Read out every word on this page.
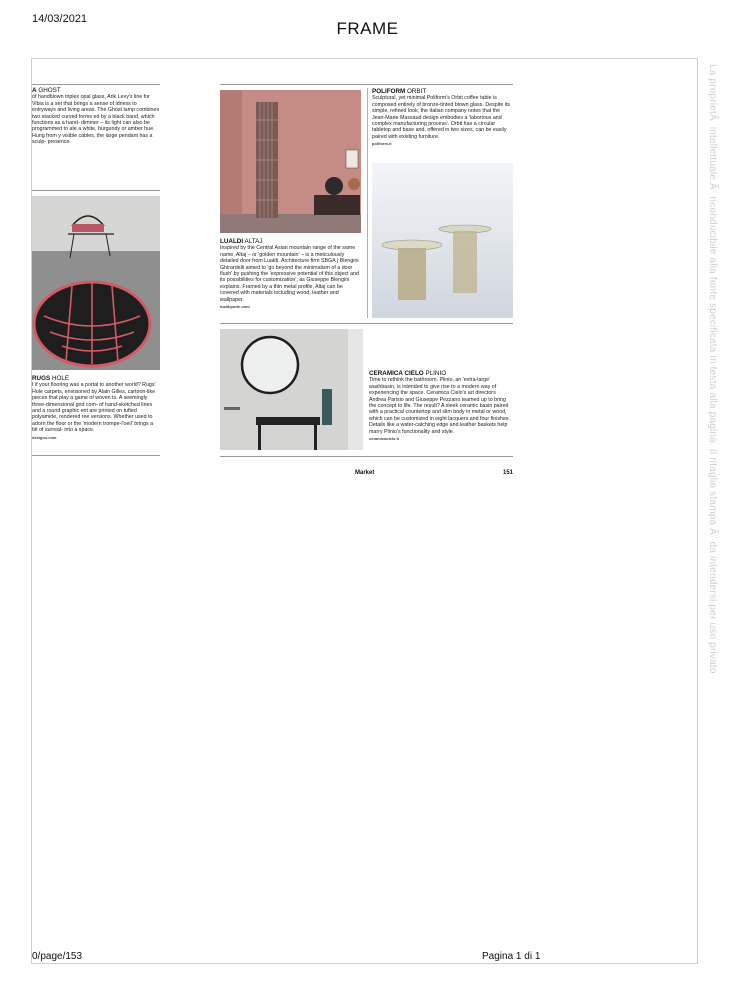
14/03/2021	FRAME
La proprietÃ  intellettuale Ã¨ riconducibile alla fonte specificata in testa alla pagina. Il ritaglio stampa Ã¨ da intendersi per uso privato
A GHOST
of handblown triplex opal glass, Arik Levy's line for Vibia is a set that brings a sense of ldness to entryways and living areas. The Ghost lamp combines two stacked curved forms ed by a black band, which functions as a hand- dimmer – its light can also be programmed to ate a white, burgundy or amber hue. Hung from y visible cables, the large pendant has a sculp- presence.
RUGS HOLE
t if your flooring was a portal to another world? Rugs' Hole carpets, envisioned by Alain Gilles, cartoon-like pieces that play a game of woven ts. A seemingly three-dimensional grid com- of hand-sketched lines and a round graphic ent are printed on tufted polyamide, rendered ree versions. Whether used to adorn the floor or the 'modern trompe-l'oeil' brings a bit of surreal- into a space.
designs.com
LUALDI ALTAJ
Inspired by the Central Asian mountain range of the same name, Altaj – or 'golden mountain' – is a meticulously detailed door from Lualdi. Architecture firm SBGA | Blengini Ghirardelli aimed to 'go beyond the minimalism of a door flush' by pushing the 'expressive potential of this object and its possibilities for customization', as Giuseppe Blengini explains. Framed by a thin metal profile, Altaj can be covered with materials including wood, leather and wallpaper.
lualdiporte.com
POLIFORM ORBIT
Sculptural, yet minimal Poliform's Orbit coffee table is composed entirely of bronze-tinted blown glass. Despite its simple, refined look, the Italian company notes that the Jean-Marie Massaud design embodies a 'laborious and complex manufacturing process'. Orbit has a circular tabletop and base and, offered in two sizes, can be easily paired with existing furniture.
poliform.it
CERAMICA CIELO PLINIO
Time to rethink the bathroom. Plinio, an 'extra-large' washbasin, is intended to give rise to a modern way of experiencing the space. Ceramica Cielo's art directors Andrea Parisio and Giuseppe Pezzano teamed up to bring the concept to life. The result? A sleek ceramic basin paired with a practical countertop and slim body in metal or wood, which can be customized in eight lacquers and four finishes. Details like a water-catching edge and leather baskets help marry Plinio's functionality and style.
ceramicacielo.it
Market	151
0/page/153	Pagina 1 di 1
